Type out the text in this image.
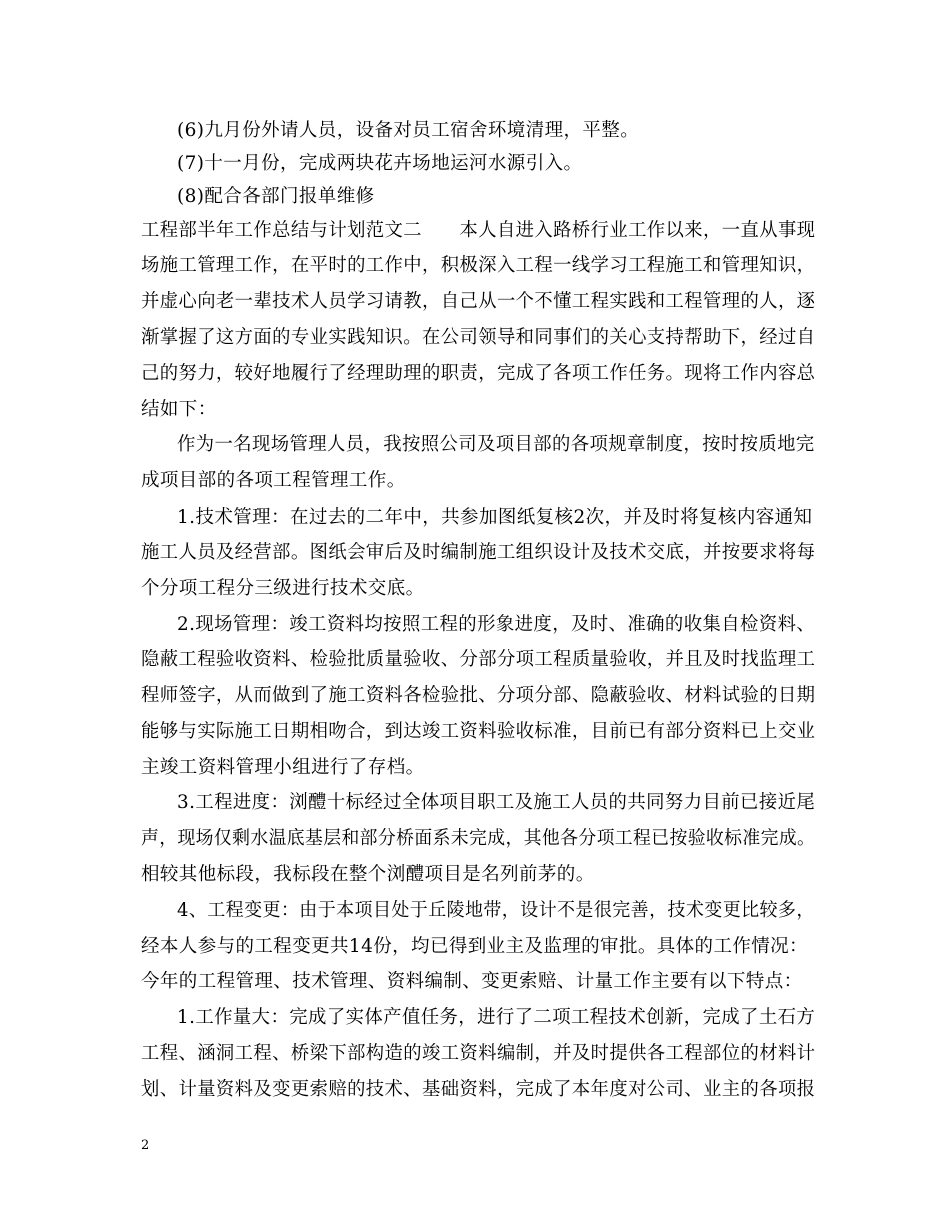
(6)九月份外请人员，设备对员工宿舍环境清理，平整。
(7)十一月份，完成两块花卉场地运河水源引入。
(8)配合各部门报单维修
工程部半年工作总结与计划范文二　　本人自进入路桥行业工作以来，一直从事现
场施工管理工作，在平时的工作中，积极深入工程一线学习工程施工和管理知识，
并虚心向老一辈技术人员学习请教，自己从一个不懂工程实践和工程管理的人，逐
渐掌握了这方面的专业实践知识。在公司领导和同事们的关心支持帮助下，经过自
己的努力，较好地履行了经理助理的职责，完成了各项工作任务。现将工作内容总
结如下：
作为一名现场管理人员，我按照公司及项目部的各项规章制度，按时按质地完
成项目部的各项工程管理工作。
1.技术管理：在过去的二年中，共参加图纸复核2次，并及时将复核内容通知
施工人员及经营部。图纸会审后及时编制施工组织设计及技术交底，并按要求将每
个分项工程分三级进行技术交底。
2.现场管理：竣工资料均按照工程的形象进度，及时、准确的收集自检资料、
隐蔽工程验收资料、检验批质量验收、分部分项工程质量验收，并且及时找监理工
程师签字，从而做到了施工资料各检验批、分项分部、隐蔽验收、材料试验的日期
能够与实际施工日期相吻合，到达竣工资料验收标准，目前已有部分资料已上交业
主竣工资料管理小组进行了存档。
3.工程进度：浏醴十标经过全体项目职工及施工人员的共同努力目前已接近尾
声，现场仅剩水温底基层和部分桥面系未完成，其他各分项工程已按验收标准完成。
相较其他标段，我标段在整个浏醴项目是名列前茅的。
4、工程变更：由于本项目处于丘陵地带，设计不是很完善，技术变更比较多，
经本人参与的工程变更共14份，均已得到业主及监理的审批。具体的工作情况：
今年的工程管理、技术管理、资料编制、变更索赔、计量工作主要有以下特点：
1.工作量大：完成了实体产值任务，进行了二项工程技术创新，完成了土石方
工程、涵洞工程、桥梁下部构造的竣工资料编制，并及时提供各工程部位的材料计
划、计量资料及变更索赔的技术、基础资料，完成了本年度对公司、业主的各项报
2
